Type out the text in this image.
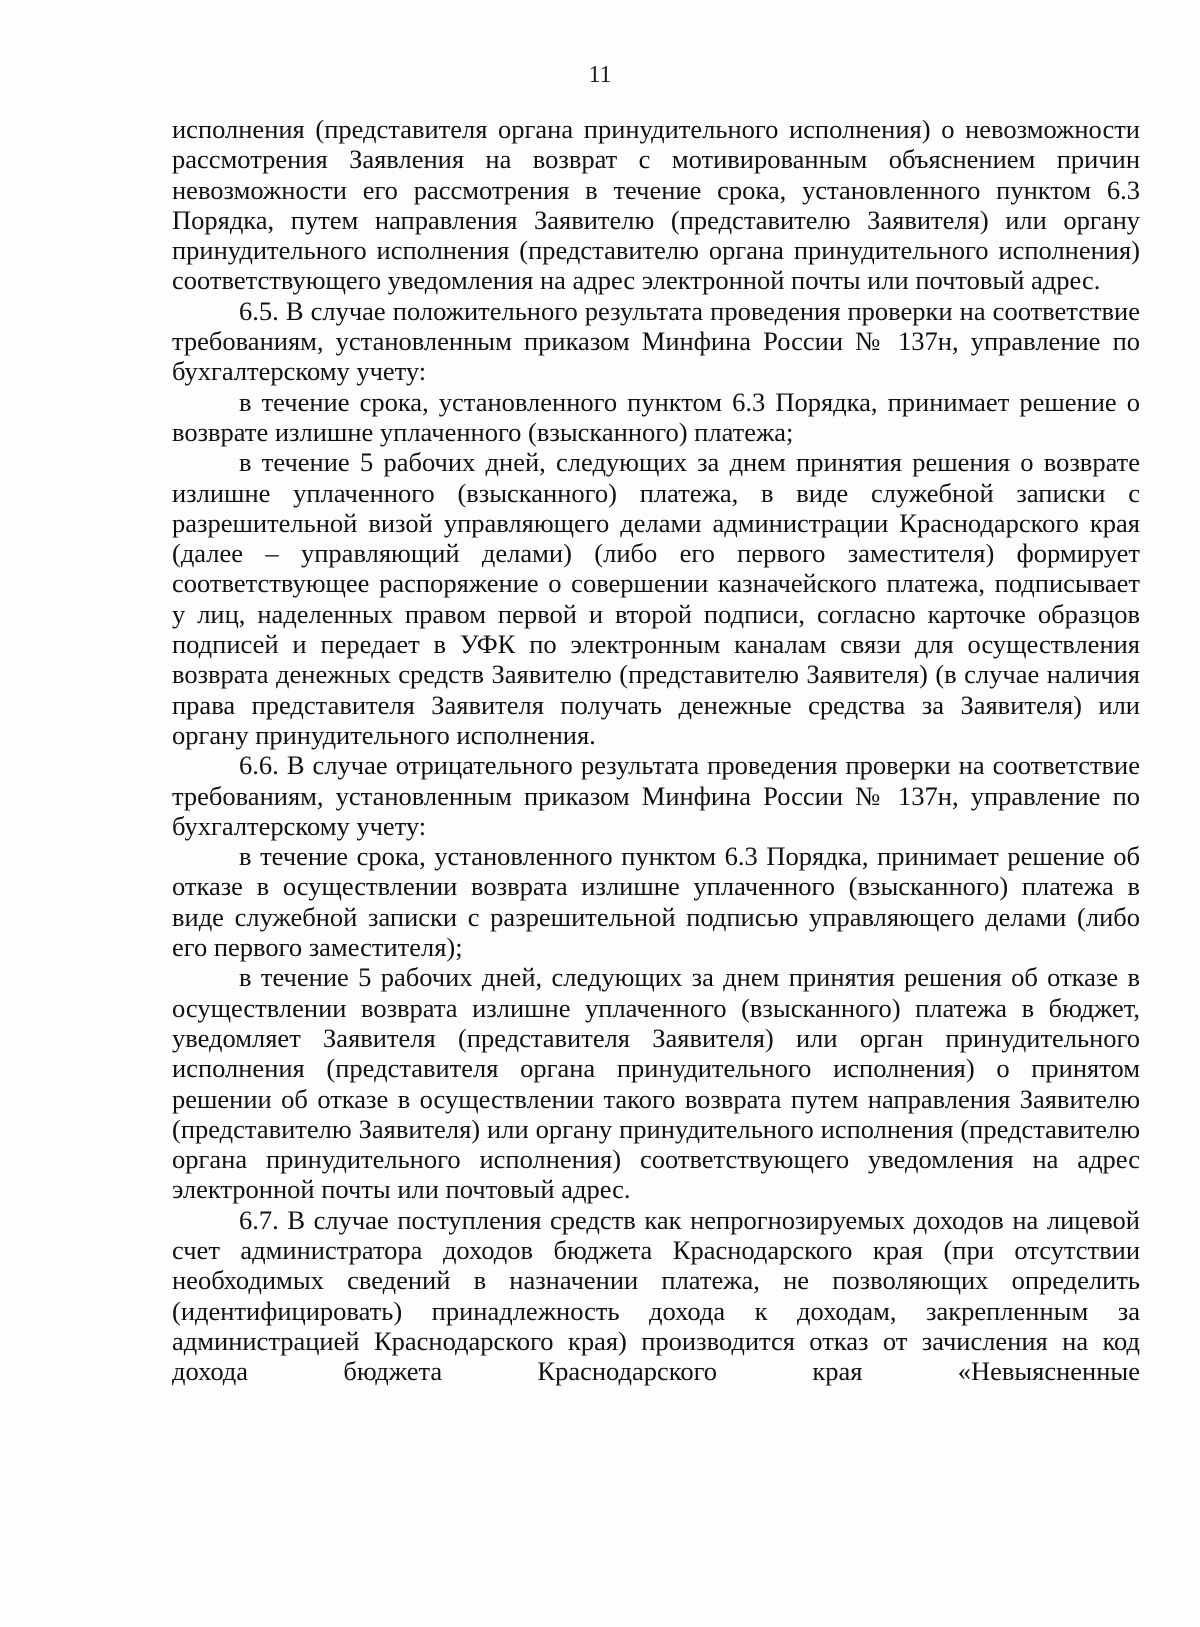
11

исполнения (представителя органа принудительного исполнения) о невозможности рассмотрения Заявления на возврат с мотивированным объяснением причин невозможности его рассмотрения в течение срока, установленного пунктом 6.3 Порядка, путем направления Заявителю (представителю Заявителя) или органу принудительного исполнения (представителю органа принудительного исполнения) соответствующего уведомления на адрес электронной почты или почтовый адрес.

6.5. В случае положительного результата проведения проверки на соответствие требованиям, установленным приказом Минфина России № 137н, управление по бухгалтерскому учету:

в течение срока, установленного пунктом 6.3 Порядка, принимает решение о возврате излишне уплаченного (взысканного) платежа;

в течение 5 рабочих дней, следующих за днем принятия решения о возврате излишне уплаченного (взысканного) платежа, в виде служебной записки с разрешительной визой управляющего делами администрации Краснодарского края (далее – управляющий делами) (либо его первого заместителя) формирует соответствующее распоряжение о совершении казначейского платежа, подписывает у лиц, наделенных правом первой и второй подписи, согласно карточке образцов подписей и передает в УФК по электронным каналам связи для осуществления возврата денежных средств Заявителю (представителю Заявителя) (в случае наличия права представителя Заявителя получать денежные средства за Заявителя) или органу принудительного исполнения.

6.6. В случае отрицательного результата проведения проверки на соответствие требованиям, установленным приказом Минфина России № 137н, управление по бухгалтерскому учету:

в течение срока, установленного пунктом 6.3 Порядка, принимает решение об отказе в осуществлении возврата излишне уплаченного (взысканного) платежа в виде служебной записки с разрешительной подписью управляющего делами (либо его первого заместителя);

в течение 5 рабочих дней, следующих за днем принятия решения об отказе в осуществлении возврата излишне уплаченного (взысканного) платежа в бюджет, уведомляет Заявителя (представителя Заявителя) или орган принудительного исполнения (представителя органа принудительного исполнения) о принятом решении об отказе в осуществлении такого возврата путем направления Заявителю (представителю Заявителя) или органу принудительного исполнения (представителю органа принудительного исполнения) соответствующего уведомления на адрес электронной почты или почтовый адрес.

6.7. В случае поступления средств как непрогнозируемых доходов на лицевой счет администратора доходов бюджета Краснодарского края (при отсутствии необходимых сведений в назначении платежа, не позволяющих определить (идентифицировать) принадлежность дохода к доходам, закрепленным за администрацией Краснодарского края) производится отказ от зачисления на код дохода бюджета Краснодарского края «Невыясненные
